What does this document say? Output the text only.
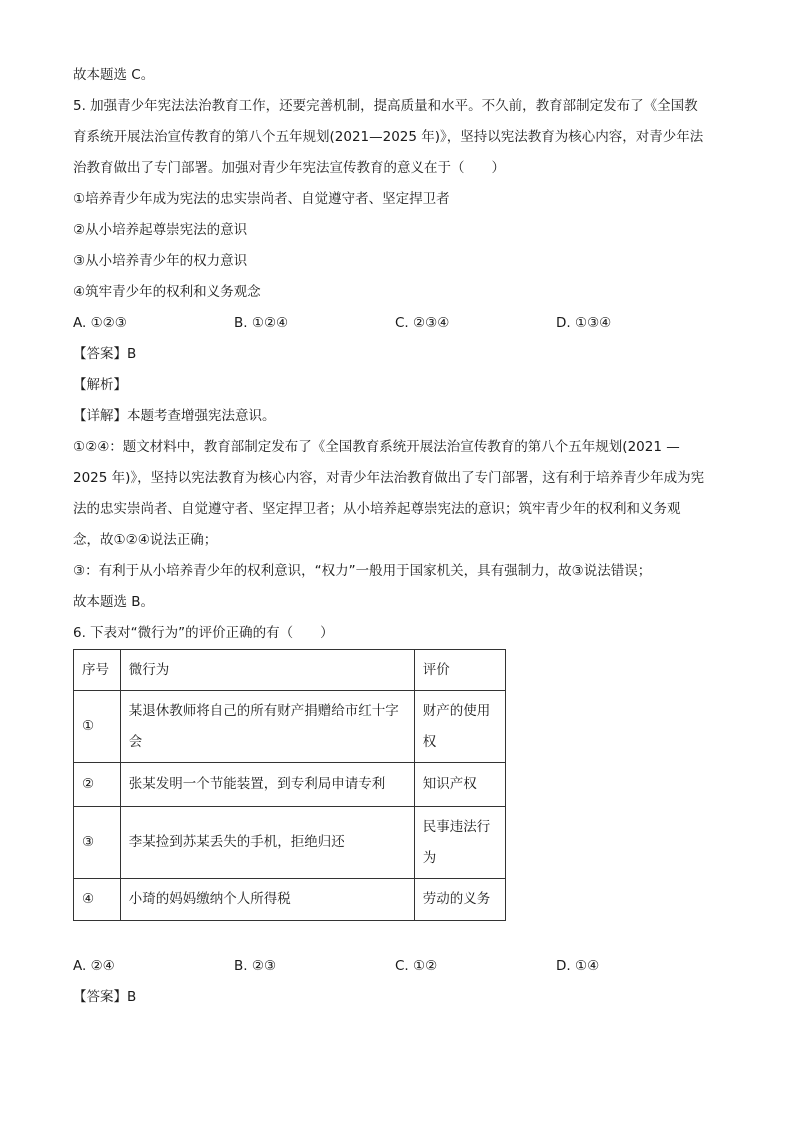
故本题选 C。
5. 加强青少年宪法法治教育工作，还要完善机制，提高质量和水平。不久前，教育部制定发布了《全国教
育系统开展法治宣传教育的第八个五年规划(2021—2025 年)》，坚持以宪法教育为核心内容，对青少年法
治教育做出了专门部署。加强对青少年宪法宣传教育的意义在于（　　）
①培养青少年成为宪法的忠实崇尚者、自觉遵守者、坚定捍卫者
②从小培养起尊崇宪法的意识
③从小培养青少年的权力意识
④筑牢青少年的权利和义务观念
A. ①②③	B. ①②④	C. ②③④	D. ①③④
【答案】B
【解析】
【详解】本题考查增强宪法意识。
①②④：题文材料中，教育部制定发布了《全国教育系统开展法治宣传教育的第八个五年规划(2021 —
2025 年)》，坚持以宪法教育为核心内容，对青少年法治教育做出了专门部署，这有利于培养青少年成为宪
法的忠实崇尚者、自觉遵守者、坚定捍卫者；从小培养起尊崇宪法的意识；筑牢青少年的权利和义务观
念，故①②④说法正确；
③：有利于从小培养青少年的权利意识，“权力”一般用于国家机关，具有强制力，故③说法错误；
故本题选 B。
6. 下表对“微行为”的评价正确的有（　　）
序号	微行为	评价
①	某退休教师将自己的所有财产捐赠给市红十字会	财产的使用权
②	张某发明一个节能装置，到专利局申请专利	知识产权
③	李某捡到苏某丢失的手机，拒绝归还	民事违法行为
④	小琦的妈妈缴纳个人所得税	劳动的义务
A. ②④	B. ②③	C. ①②	D. ①④
【答案】B
